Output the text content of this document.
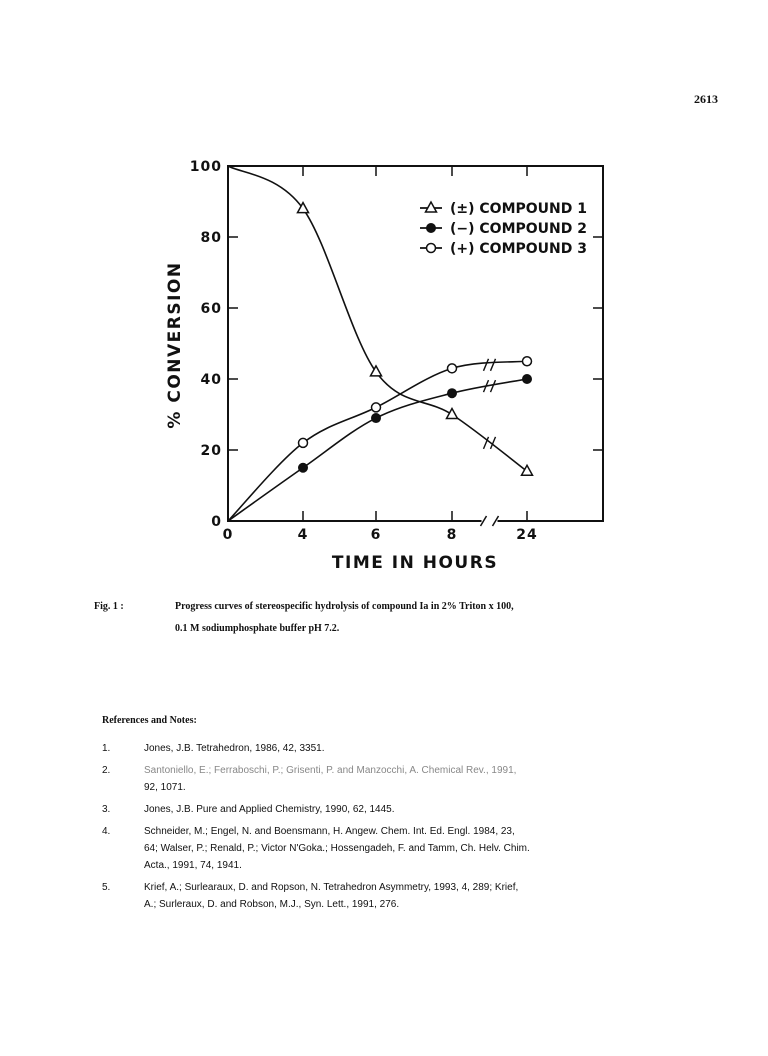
2613
0
20
40
60
80
100
0	4	6	8	24
(±) COMPOUND 1
(−) COMPOUND 2
(+) COMPOUND 3
% CONVERSION
TIME IN HOURS
Fig. 1 :	Progress curves of stereospecific hydrolysis of compound Ia in 2% Triton x 100,
0.1 M sodiumphosphate buffer pH 7.2.
References and Notes:
1.	Jones, J.B. Tetrahedron, 1986, 42, 3351.
2.	Santoniello, E.; Ferraboschi, P.; Grisenti, P. and Manzocchi, A. Chemical Rev., 1991,
92, 1071.
3.	Jones, J.B. Pure and Applied Chemistry, 1990, 62, 1445.
4.	Schneider, M.; Engel, N. and Boensmann, H. Angew. Chem. Int. Ed. Engl. 1984, 23,
64; Walser, P.; Renald, P.; Victor N'Goka.; Hossengadeh, F. and Tamm, Ch. Helv. Chim.
Acta., 1991, 74, 1941.
5.	Krief, A.; Surlearaux, D. and Ropson, N. Tetrahedron Asymmetry, 1993, 4, 289; Krief,
A.; Surleraux, D. and Robson, M.J., Syn. Lett., 1991, 276.
